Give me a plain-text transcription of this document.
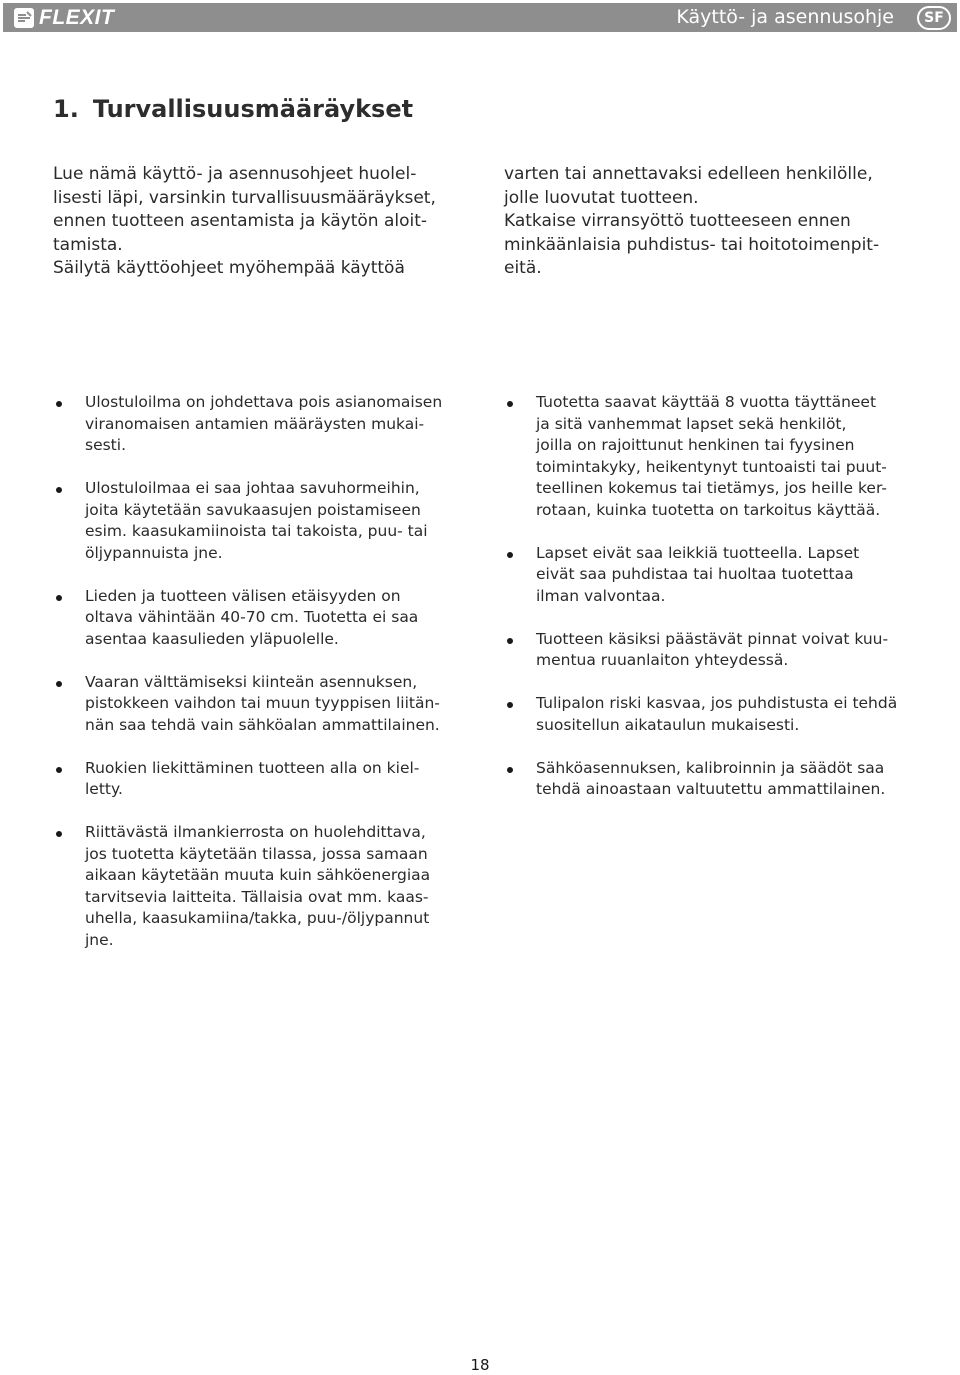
FLEXIT	Käyttö- ja asennusohje	SF
1. Turvallisuusmääräykset

Lue nämä käyttö- ja asennusohjeet huolel-
lisesti läpi, varsinkin turvallisuusmääräykset,
ennen tuotteen asentamista ja käytön aloit-
tamista.
Säilytä käyttöohjeet myöhempää käyttöä

varten tai annettavaksi edelleen henkilölle,
jolle luovutat tuotteen.
Katkaise virransyöttö tuotteeseen ennen
minkäänlaisia puhdistus- tai hoitotoimenpit-
eitä.

Ulostuloilma on johdettava pois asianomaisen
viranomaisen antamien määräysten mukai-
sesti.
Ulostuloilmaa ei saa johtaa savuhormeihin,
joita käytetään savukaasujen poistamiseen
esim. kaasukamiinoista tai takoista, puu- tai
öljypannuista jne.
Lieden ja tuotteen välisen etäisyyden on
oltava vähintään 40-70 cm. Tuotetta ei saa
asentaa kaasulieden yläpuolelle.
Vaaran välttämiseksi kiinteän asennuksen,
pistokkeen vaihdon tai muun tyyppisen liitän-
nän saa tehdä vain sähköalan ammattilainen.
Ruokien liekittäminen tuotteen alla on kiel-
letty.
Riittävästä ilmankierrosta on huolehdittava,
jos tuotetta käytetään tilassa, jossa samaan
aikaan käytetään muuta kuin sähköenergiaa
tarvitsevia laitteita. Tällaisia ovat mm. kaas-
uhella, kaasukamiina/takka, puu-/öljypannut
jne.
Tuotetta saavat käyttää 8 vuotta täyttäneet
ja sitä vanhemmat lapset sekä henkilöt,
joilla on rajoittunut henkinen tai fyysinen
toimintakyky, heikentynyt tuntoaisti tai puut-
teellinen kokemus tai tietämys, jos heille ker-
rotaan, kuinka tuotetta on tarkoitus käyttää.
Lapset eivät saa leikkiä tuotteella. Lapset
eivät saa puhdistaa tai huoltaa tuotettaa
ilman valvontaa.
Tuotteen käsiksi päästävät pinnat voivat kuu-
mentua ruuanlaiton yhteydessä.
Tulipalon riski kasvaa, jos puhdistusta ei tehdä
suositellun aikataulun mukaisesti.
Sähköasennuksen, kalibroinnin ja säädöt saa
tehdä ainoastaan valtuutettu ammattilainen.
18
